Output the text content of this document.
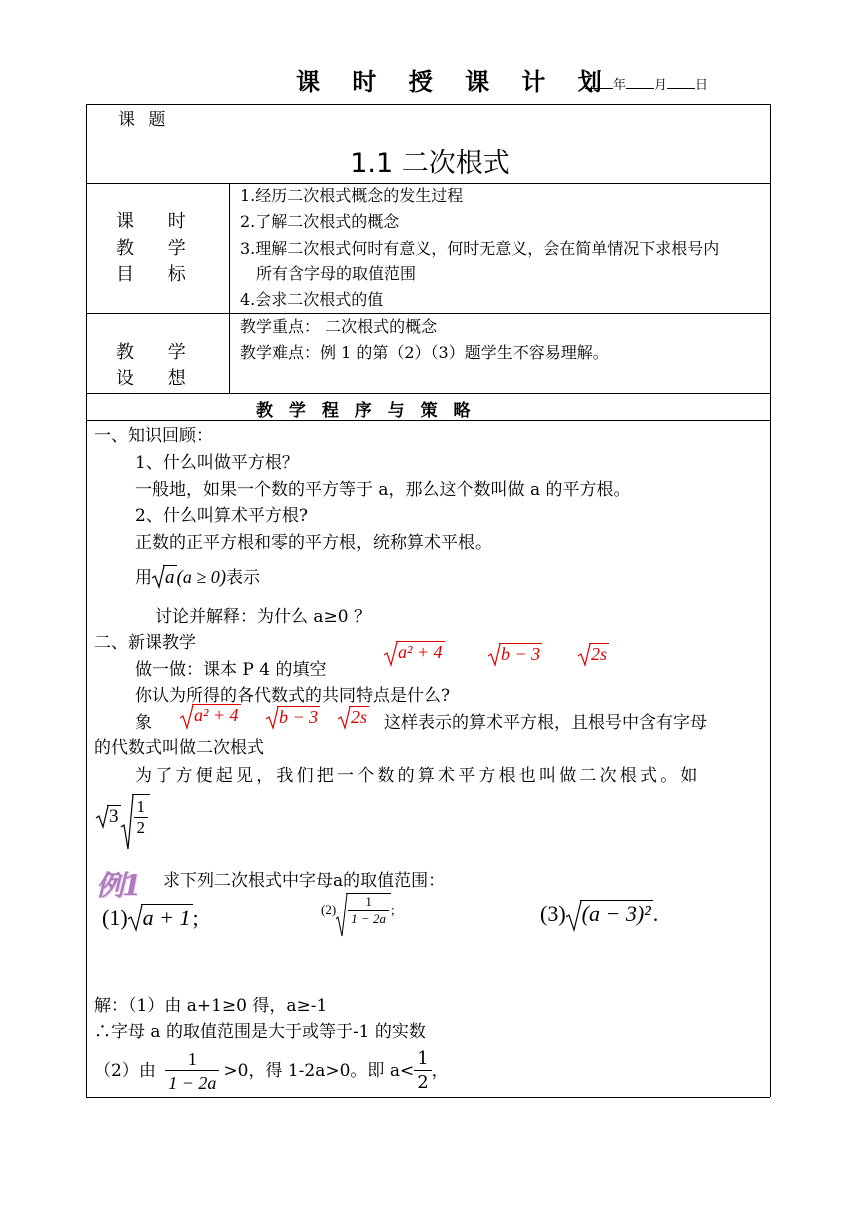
课 时 授 课 计 划 年 月 日
课 题
1.1 二次根式
课 时
教 学
目 标
1.经历二次根式概念的发生过程
2.了解二次根式的概念
3.理解二次根式何时有意义，何时无意义，会在简单情况下求根号内
所有含字母的取值范围
4.会求二次根式的值
教 学
设 想
教学重点： 二次根式的概念
教学难点：例 1 的第（2）（3）题学生不容易理解。
教 学 程 序 与 策 略
一、知识回顾：
1、什么叫做平方根？
一般地，如果一个数的平方等于 a，那么这个数叫做 a 的平方根。
2、什么叫算术平方根?
正数的正平方根和零的平方根，统称算术平根。
用 a (a ≥ 0)表示
讨论并解释：为什么 a≥0 ？
二、新课教学
做一做：课本 P 4 的填空
a² + 4	b − 3	2s
你认为所得的各代数式的共同特点是什么?
象	a² + 4	b − 3	2s 这样表示的算术平方根，且根号中含有字母
的代数式叫做二次根式
为了方便起见，我们把一个数的算术平方根也叫做二次根式。如
$3 \frac{1}{2}$
例1 求下列二次根式中字母a的取值范围：
(1) a + 1;	$(2) \frac{1}{1 - 2a}$ ;	(3) (a − 3)².
解：（1）由 a+1≥0 得，a≥-1
∴字母 a 的取值范围是大于或等于-1 的实数
（2）由 $\frac{1}{1 - 2a} >0$，得 1-2a>0。即 $a< \frac{1}{2}$ ，
